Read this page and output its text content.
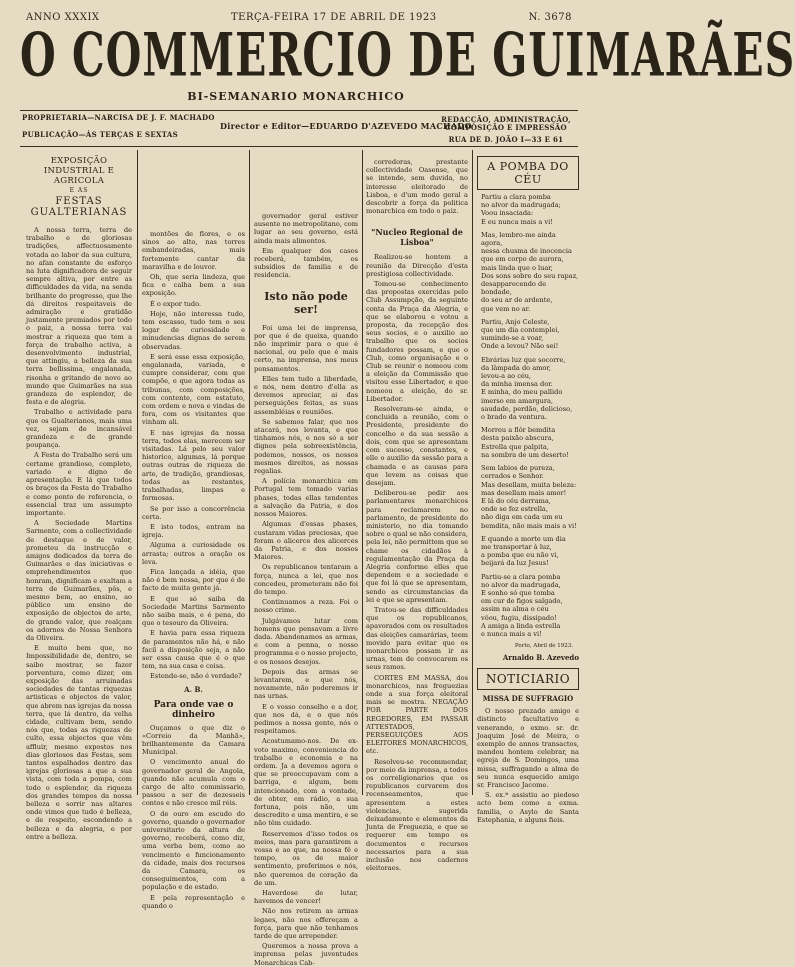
ANNO XXXIX	TERÇA-FEIRA 17 DE ABRIL DE 1923	N. 3678
O COMMERCIO DE GUIMARÃES
BI-SEMANARIO MONARCHICO
PROPRIETARIA—NARCISA DE J. F. MACHADO
PUBLICAÇÃO—ÁS TERÇAS E SEXTAS
Director e Editor—EDUARDO D'AZEVEDO MACHADO
REDACÇÃO, ADMINISTRAÇÃO, COMPOSIÇÃO E IMPRESSÃO
RUA DE D. JOÃO I—33 E 61
EXPOSIÇÃO INDUSTRIAL E AGRICOLA
E AS
FESTAS GUALTERIANAS

A nossa terra, terra de trabalho e de gloriosas tradições, affectuosamente votada ao labor da sua cultura, no afan constante de esforço na luta dignificadora de seguir sempre altiva, por entre as difficuldades da vida, na senda brilhante do progresso, que lhe dá direitos respeitaveis de admiração e gratidão justamente premiados por todo o paiz, a nossa terra vai mostrar a riqueza que tem a força de trabalho activa, a desenvolvimento industrial, que attingiu, a belleza da sua terra bellissima, engalanada, risonha e gritando de novo ao mundo que Guimarães na sua grandeza de esplendor, de festa e de alegria.

Trabalho e actividade para que os Gualterianos, mais uma vez, sejam de incansável grandeza e de grande poupança.

A Festa do Trabalho será um certame grandioso, completo, variado e digno de apresentação. E lá que todos os braços da Festa do Trabalho e como ponto de referencia, o essencial traz um assumpto importante.

A Sociedade Martins Sarmento, com a collectividade de destaque e de valor, prometeu da instrucção e amigos dedicados da terra de Guimarães e das iniciativas e emprehendimentos que honram, dignificam e exaltam a terra de Guimarães, pôs, e mesmo bem, ao ensino, ao público um ensino de exposição de objectos de arte, de grande valor, que realçam os adornos de Nossa Senhora da Oliveira.

E muito bem que, no Impossibilidade de, dentro, se saibo mostrar, se fazer porventura, como dizer, em exposição das arruinadas sociedades de tantas riquezas artisticas e objectos de valor, que abrem nas igrejas da nossa terra, que lá dentro, da velha cidade, cultivam bem, sendo nós que, todas as riquezas de culto, essa objectos que vêm affluir, mesmo expostos nos dias gloriosos das Festas, sem tantos espalhados dentro das igrejas gloriosas a que a sua vista, com toda a pompa, com todo o esplendor, da riqueza dos grandes tempos da nossa belleza e sorrir nas altares onde vimos que tudo é belleza, e de respeito, escondendo a belleza e da alegria, e por entre a belleza.

montões de flores, e os sinos ao alto, nas torres embandeiradas, mais fortemente cantar da maravilha e de louvor.

Oh, que seria lindeza, que fica e calha bem a sua exposição.

É o expor tudo.

Hoje, não interessa tudo, tem escasso, tudo tem o seu logar de curiosidade e minudencias dignas de serem observadas.

E será esse essa exposição, engalanada, variada, e cumpre considerar, com que compõe, e que agora todas as tribunas, com composições, com contente, com estatuto, com ordem e nova e vindas de fora, com os visitantes que vinham ali.

E nas igrejas da nossa terra, todos elas, merecem ser visitadas. Lá pelo seu valor historico, algumas, lá porque outras outras de riqueza de arte, de tradição, grandiosas, todas as restantes, trabalhadas, limpas e formosas.

Se por isso a concorrência certa.

E isto todos, entram na igreja.

Alguma a curiosidade os arrasta; outros a oração os leva.

Fica lançada a idéia, que não é bem nossa, por que é de facto de muita gente já.

E que só saiba da Sociedade Martins Sarmento não saiba mais, e é pena, do que o tesouro da Oliveira.

E havia para essa riqueza de paramentos não há, e não facil a disposição seja, a não ser essa causa que é o que tem, na sua casa e coisa.

Estende-se, não é verdade?

A. B.
Para onde vae o dinheiro

Ouçamos o que diz o «Correio da Manhã», brilhantemente da Camara Municipal.

O vencimento anual do governador geral de Angola, quando não acumula com o cargo de alto commissario, passou a ser de dezesseis contos e não cresce mil réis.

O de ouro em escudo do governo, quando o governador universitario da altura de governo, receberá, como diz, uma verba bem, como ao vencimento e funcionamento da cidade, mais dos recursos da Camara, os conseguimentos, com a população e de estado.

E pela representação e quando o

governador geral estiver ausente no metropolitano, com lugar ao seu governo, está ainda mais alimentos.

Em qualquer dos casos receberá, também, os subsidios de familia e de residencia.

Isto não pode ser!

Foi uma lei de imprensa, por que é de queixa, quando não imprimir para o que é nacional, ou pelo que é mais certo, na imprensa, nos meus pensamentos.

Elles tem tudo a liberdade, e nós, nem dentro d'ella as devemos apreciar, ai das perseguições feitas, as suas assembléias e reuniões.

Se sabemos falar, que nos atacará, nos levanta, e que tinhamos nós, e nos só a ser dignos pela sobreexistência, podemos, nossos, os nossos mesmos direitos, as nossas regalias.

A polícia monarchica em Portugal tem tomado varias phases, todas ellas tendentes a salvação da Patria, e dos nossos Maiores.

Algumas d'essas phases, custaram vidas preciosas, que foram o alicerce dos alicerces da Patria, e dos nossos Maiores.

Os republicanos tentaram a força, nunca a lei, que nos concedeu, prometeram não foi do tempo.

Continuamos a reza. Foi o nosso crime.

Julgávamos lutar com homens que pensavam a livre dada. Abandonamos as armas, e com a penna, o nosso programma e o nosso projecto, e os nossos desejos.

Depois das armas se levantarem, e que nós, novamente, não poderemos ir nas urnas.

E o vosso conselho e a dor, que nos dá, e o que nós pedimos a nossa gente, nós o respeitamos.

Acostumamo-nos. De ex-voto maximo, conveniencia do trabalho e economia e na ordem. Ja a devemos agora e que se preoccupavam com a barriga, e algum, bem intencionado, com a vontade, de obter, em rádio, a sua fortuna, pois não, um descredito e uma mentira, e se não têm cuidado.

Reservemos d'isso todos os meios, mas para garantirem a vossa e ao que, na nossa fé e tempo, os de maior sentimento, preferimos e nós, não queremos de coração da de um.

Haverdose de lutar, havemos de vencer!

Não nos retirem as armas legaes, não nos offereçam a força, para que não tenhamos tarde de que arrepender.

Queremos a nossa prova a imprensa pelas juventudes Monarchicas Cab-

corredoras, prestante collectividade Oasense, que se intende, sem duvida, no interesse eleitorado de Lisboa, e d'um modo geral a descobrir a força da politica monarchica em todo o paiz.

"Nucleo Regional de Lisboa"

Realizou-se hontem a reunião da Direcção d'esta prestigiosa collectividade.

Tomou-se conhecimento das propostas exercidas pelo Club Assumpção, da seguinte conta da Praça da Alegria, e que se elaborou e votou a proposta, da recepção dos seus socios, e o auxilio ao trabalho que os socios fundadores possam, e que o Club, como organisação e o Club se reunir e nomeou com a eleição da Commissão que visitou esse Libertador, e que nomeou a eleição, do sr. Libertador.

Resolveram-se ainda, e concluida a reunião, com o Presidente, presidente do concelho e da sua sessão a dois, com que se apresentam com sucesso, constantes, e elle o auxilio da sessão para a chamada e as causas para que levem as coisas que desejam.

Deliberou-se pedir aos parlamentares monarchicos para reclamarem no parlamento, de presidente do ministerio, no dia tomando sobre o qual se não considera, pela lei, não permittem que se chame os cidadãos à regulamentação da Praça da Alegria conforme elles que dependem e a sociedade e que foi lá que se apresentam, sendo as circumstancias da lei e que se apresentam.

Tratou-se das difficuldades que os republicanos, apavorados com os resultados das eleições camarárias, teem movido para evitar que os monarchicos possam ir as urnas, tem de convocarem os seus ramos.

CORTES EM MASSA, dos monarchicos, nas freguezias onde a sua força eleitoral mais se mostra. NEGAÇÃO POR PARTE DOS REGEDORES, EM PASSAR ATTESTADOS, PERSEGUIÇÕES AOS ELEITORES MONARCHICOS, etc.

Resolveu-se recommendar, por meio da imprensa, a todos os correligionarios que os republicanos curvarem dos recenseamentos, que apresentem a estes violencias, sugerida deixadamente e elementos da Junta de Freguezia, e que se requerer em tempo os documentos e recursos necessarios para a sua inclusão nos cadernos eleitoraes.

A POMBA DO CÉU
Partiu a clara pomba
no alvor da madrugada;
Voou insaciada:
E eu nunca mais a vi!
Mas, lembro-me ainda agora,
nessa chusma de inocencia
que em corpo de aurora,
mais linda que o luar,
Dos sons sobre do seu rapaz,
desapparecendo de bondade,
do seu ar de ardente,
que vem no ar.
Partiu, Anjo Celeste,
que um dia contemplei,
sumindo-se a voar,
Onde a levou? Não sei!
Ebrárias luz que socorre,
da lâmpada do amor,
levou-a ao céu,
da minha imensa dor.
E minha, do meu pallido
imerso em amargura,
saudade, perdão, delicioso,
o brado da ventura.
Morreu a flôr bemdita
desta paixão abscura,
Estrella que palpita,
na sombra de um deserto!
Sem labios de pureza,
cerrados e Senhor.
Mas desellam, muita beleza:
mas desellam mais amor!
E lá do céu derrama,
onde se fez estrella,
não diga em cada um eu
bemdita, não mais mais a vi!
E quando a morte um dia
me transportar à luz,
a pomba que eu não vi,
beijará da luz Jesus!
Partiu-se a clara pomba
no alvor da madrugada,
E sonho só que tomba
em cur de figos salgado,
assim na alma o céu
vôou, fugiu, dissipado!
A amiga a linda estrella
e nunca mais a vi!
Porto, Abril de 1923.
Arnaldo B. Azevedo
NOTICIARIO
MISSA DE SUFFRAGIO

O nosso prezado amigo e distincto facultativo e venerando, o exmo. sr. dr. Joaquim José de Meira, o exemplo de annos transactos, mandou hontem celebrar, na egreja de S. Domingos, uma missa, suffragando a alma de seu nunca esquecido amigo sr. Francisco Jacome.

S. ex.ª assistiu ao piedoso acto bem como a exma. familia, o Asylo de Santa Estephania, e alguns fieis.
